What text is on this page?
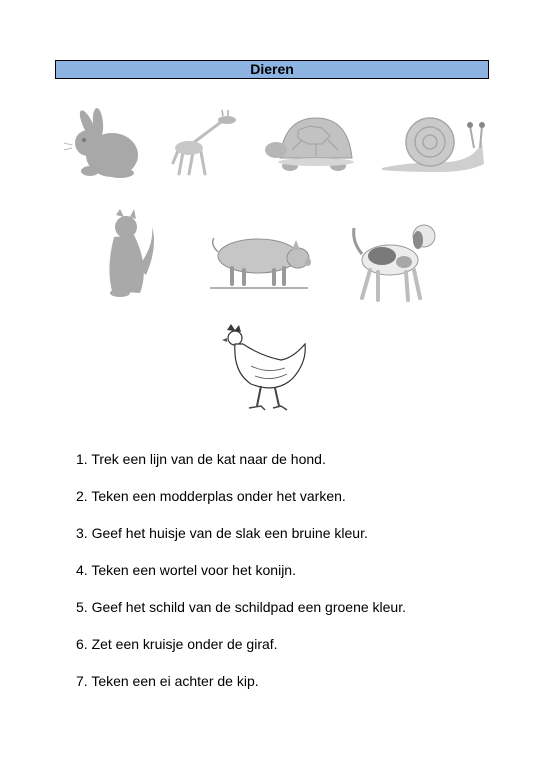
Dieren
1. Trek een lijn van de kat naar de hond.
2. Teken een modderplas onder het varken.
3. Geef het huisje van de slak een bruine kleur.
4. Teken een wortel voor het konijn.
5. Geef het schild van de schildpad een groene kleur.
6. Zet een kruisje onder de giraf.
7. Teken een ei achter de kip.
